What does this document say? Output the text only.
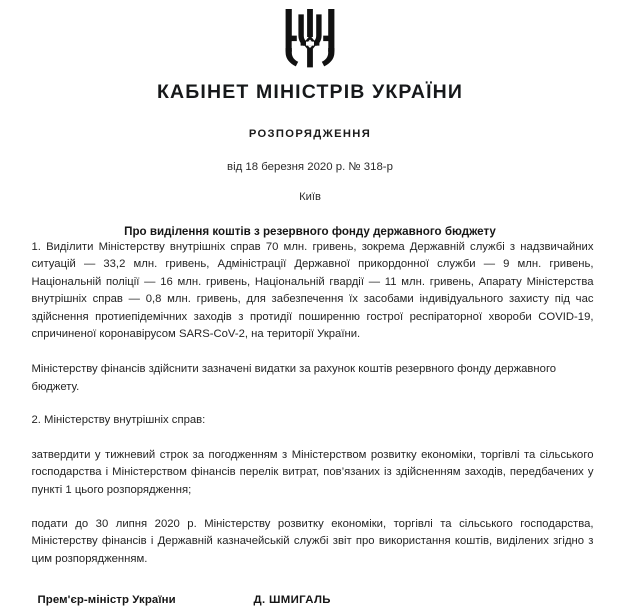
КАБІНЕТ МІНІСТРІВ УКРАЇНИ
РОЗПОРЯДЖЕННЯ
від 18 березня 2020 р. № 318-р
Київ
Про виділення коштів з резервного фонду державного бюджету

1. Виділити Міністерству внутрішніх справ 70 млн. гривень, зокрема Державній службі з надзвичайних ситуацій — 33,2 млн. гривень, Адміністрації Державної прикордонної служби — 9 млн. гривень, Національній поліції — 16 млн. гривень, Національній гвардії — 11 млн. гривень, Апарату Міністерства внутрішніх справ — 0,8 млн. гривень, для забезпечення їх засобами індивідуального захисту під час здійснення протиепідемічних заходів з протидії поширенню гострої респіраторної хвороби COVID-19, спричиненої коронавірусом SARS-CoV-2, на території України.

Міністерству фінансів здійснити зазначені видатки за рахунок коштів резервного фонду державного бюджету.

2. Міністерству внутрішніх справ:

затвердити у тижневий строк за погодженням з Міністерством розвитку економіки, торгівлі та сільського господарства і Міністерством фінансів перелік витрат, пов’язаних із здійсненням заходів, передбачених у пункті 1 цього розпорядження;

подати до 30 липня 2020 р. Міністерству розвитку економіки, торгівлі та сільського господарства, Міністерству фінансів і Державній казначейській службі звіт про використання коштів, виділених згідно з цим розпорядженням.

Прем'єр-міністр України	Д. ШМИГАЛЬ
